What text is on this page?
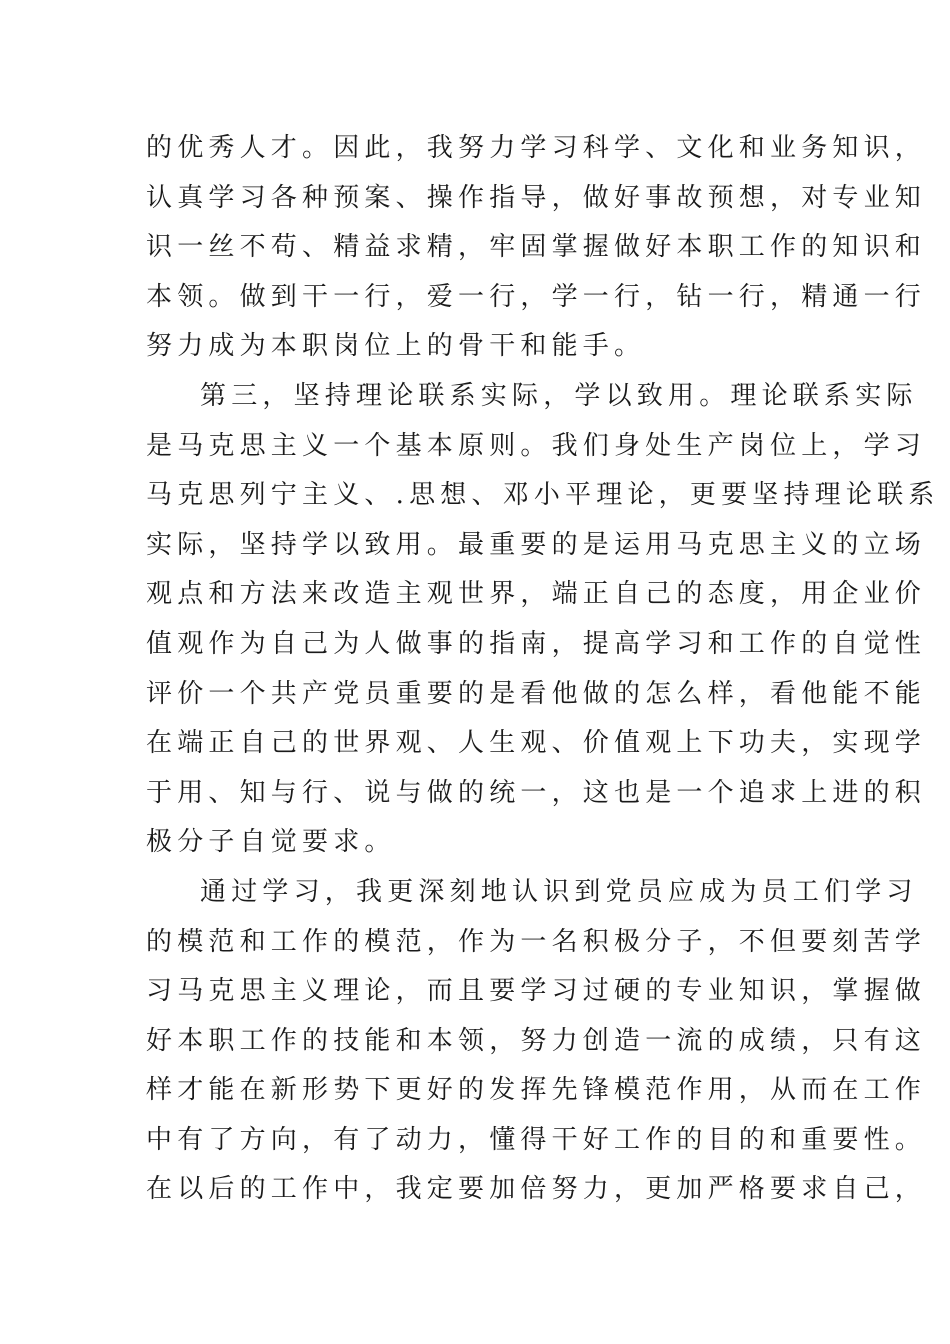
的优秀人才。因此，我努力学习科学、文化和业务知识，
认真学习各种预案、操作指导，做好事故预想，对专业知
识一丝不苟、精益求精，牢固掌握做好本职工作的知识和
本领。做到干一行，爱一行，学一行，钻一行，精通一行
努力成为本职岗位上的骨干和能手。
第三，坚持理论联系实际，学以致用。理论联系实际
是马克思主义一个基本原则。我们身处生产岗位上，学习
马克思列宁主义、.思想、邓小平理论，更要坚持理论联系
实际，坚持学以致用。最重要的是运用马克思主义的立场
观点和方法来改造主观世界，端正自己的态度，用企业价
值观作为自己为人做事的指南，提高学习和工作的自觉性
评价一个共产党员重要的是看他做的怎么样，看他能不能
在端正自己的世界观、人生观、价值观上下功夫，实现学
于用、知与行、说与做的统一，这也是一个追求上进的积
极分子自觉要求。
通过学习，我更深刻地认识到党员应成为员工们学习
的模范和工作的模范，作为一名积极分子，不但要刻苦学
习马克思主义理论，而且要学习过硬的专业知识，掌握做
好本职工作的技能和本领，努力创造一流的成绩，只有这
样才能在新形势下更好的发挥先锋模范作用，从而在工作
中有了方向，有了动力，懂得干好工作的目的和重要性。
在以后的工作中，我定要加倍努力，更加严格要求自己，
